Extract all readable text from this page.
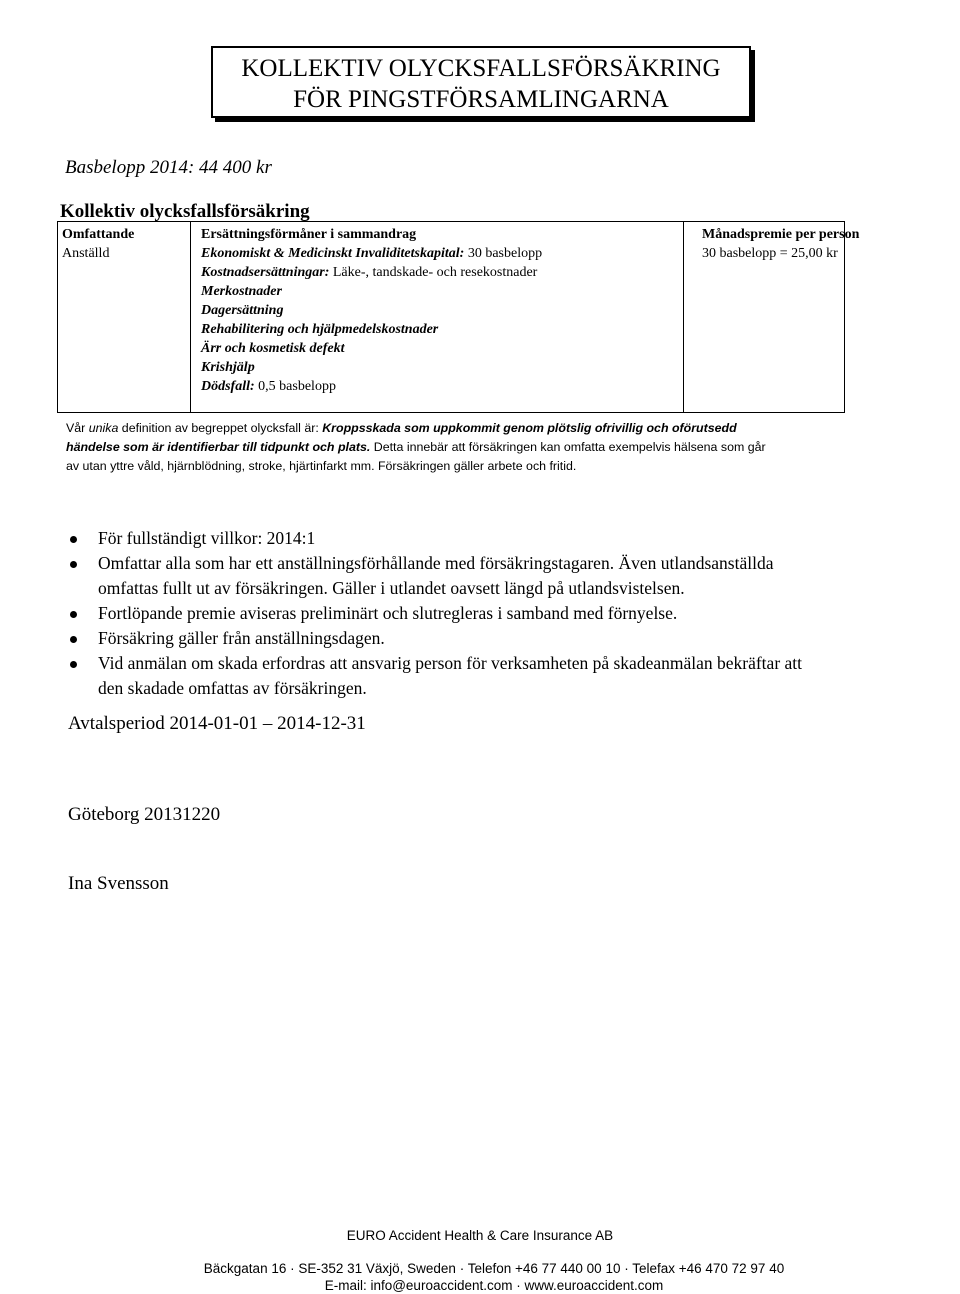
KOLLEKTIV OLYCKSFALLSFÖRSÄKRING
FÖR PINGSTFÖRSAMLINGARNA
Basbelopp 2014: 44 400 kr
Kollektiv olycksfallsförsäkring
Omfattande
Anställd
Ersättningsförmåner i sammandrag
Ekonomiskt & Medicinskt Invaliditetskapital: 30 basbelopp
Kostnadsersättningar: Läke-, tandskade- och resekostnader
Merkostnader
Dagersättning
Rehabilitering och hjälpmedelskostnader
Ärr och kosmetisk defekt
Krishjälp
Dödsfall: 0,5 basbelopp
Månadspremie per person
30 basbelopp = 25,00 kr
Vår unika definition av begreppet olycksfall är: Kroppsskada som uppkommit genom plötslig ofrivillig och oförutsedd
händelse som är identifierbar till tidpunkt och plats. Detta innebär att försäkringen kan omfatta exempelvis hälsena som går
av utan yttre våld, hjärnblödning, stroke, hjärtinfarkt mm. Försäkringen gäller arbete och fritid.
För fullständigt villkor: 2014:1
Omfattar alla som har ett anställningsförhållande med försäkringstagaren. Även utlandsanställda
omfattas fullt ut av försäkringen. Gäller i utlandet oavsett längd på utlandsvistelsen.
Fortlöpande premie aviseras preliminärt och slutregleras i samband med förnyelse.
Försäkring gäller från anställningsdagen.
Vid anmälan om skada erfordras att ansvarig person för verksamheten på skadeanmälan bekräftar att
den skadade omfattas av försäkringen.
Avtalsperiod 2014-01-01 – 2014-12-31
Göteborg 20131220
Ina Svensson
EURO Accident Health & Care Insurance AB
Bäckgatan 16 · SE-352 31 Växjö, Sweden · Telefon +46 77 440 00 10 · Telefax +46 470 72 97 40
E-mail: info@euroaccident.com · www.euroaccident.com
